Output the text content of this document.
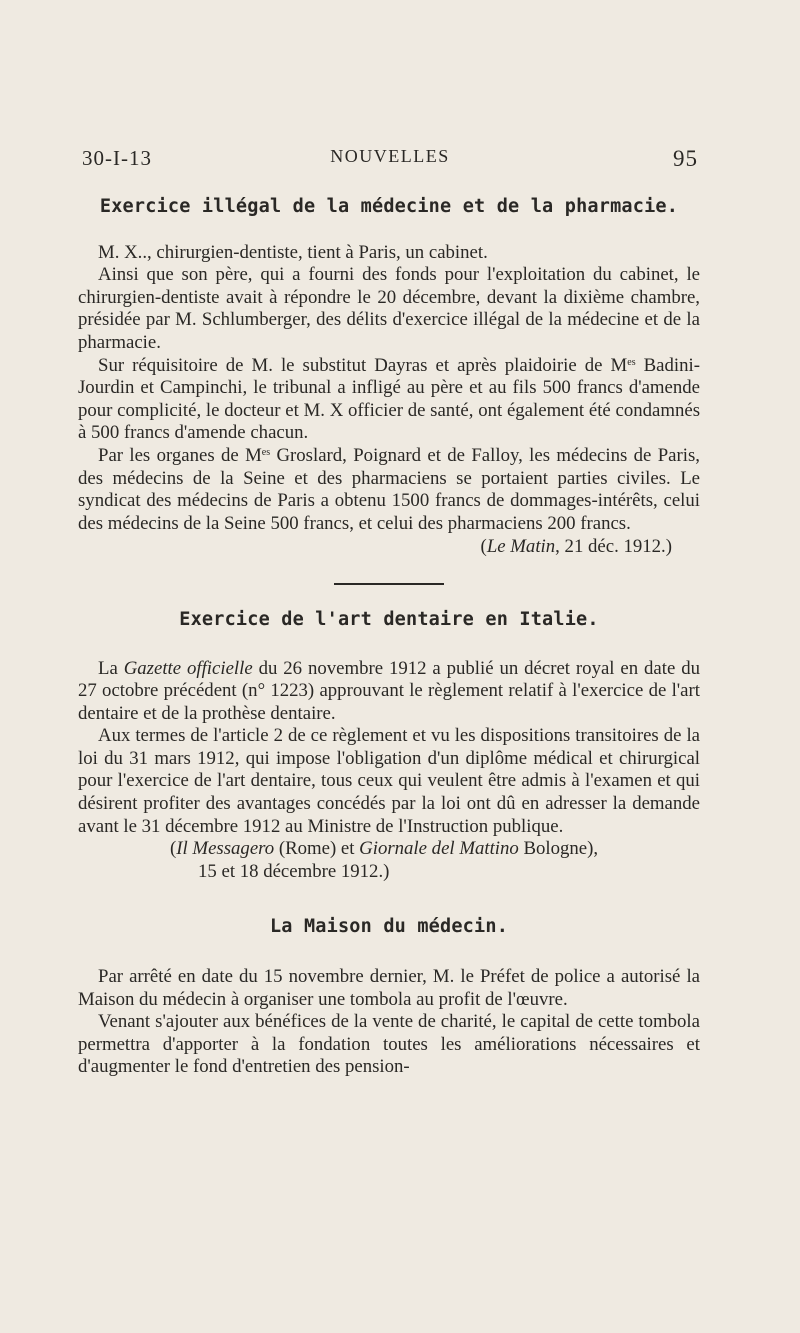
30-I-13	NOUVELLES	95
Exercice illégal de la médecine et de la pharmacie.

M. X.., chirurgien-dentiste, tient à Paris, un cabinet.

Ainsi que son père, qui a fourni des fonds pour l'exploitation du cabinet, le chirurgien-dentiste avait à répondre le 20 décembre, devant la dixième chambre, présidée par M. Schlumberger, des délits d'exercice illégal de la médecine et de la pharmacie.

Sur réquisitoire de M. le substitut Dayras et après plaidoirie de $M^{es}$ Badini-Jourdin et Campinchi, le tribunal a infligé au père et au fils 500 francs d'amende pour complicité, le docteur et M. X officier de santé, ont également été condamnés à 500 francs d'amende chacun.

Par les organes de $M^{es}$ Groslard, Poignard et de Falloy, les médecins de Paris, des médecins de la Seine et des pharmaciens se portaient parties civiles. Le syndicat des médecins de Paris a obtenu 1500 francs de dommages-intérêts, celui des médecins de la Seine 500 francs, et celui des pharmaciens 200 francs.

(Le Matin, 21 déc. 1912.)

Exercice de l'art dentaire en Italie.

La Gazette officielle du 26 novembre 1912 a publié un décret royal en date du 27 octobre précédent (n° 1223) approuvant le règlement relatif à l'exercice de l'art dentaire et de la prothèse dentaire.

Aux termes de l'article 2 de ce règlement et vu les dispositions transitoires de la loi du 31 mars 1912, qui impose l'obligation d'un diplôme médical et chirurgical pour l'exercice de l'art dentaire, tous ceux qui veulent être admis à l'examen et qui désirent profiter des avantages concédés par la loi ont dû en adresser la demande avant le 31 décembre 1912 au Ministre de l'Instruction publique.

(Il Messagero (Rome) et Giornale del Mattino Bologne),
15 et 18 décembre 1912.)

La Maison du médecin.

Par arrêté en date du 15 novembre dernier, M. le Préfet de police a autorisé la Maison du médecin à organiser une tombola au profit de l'œuvre.

Venant s'ajouter aux bénéfices de la vente de charité, le capital de cette tombola permettra d'apporter à la fondation toutes les améliorations nécessaires et d'augmenter le fond d'entretien des pension-
